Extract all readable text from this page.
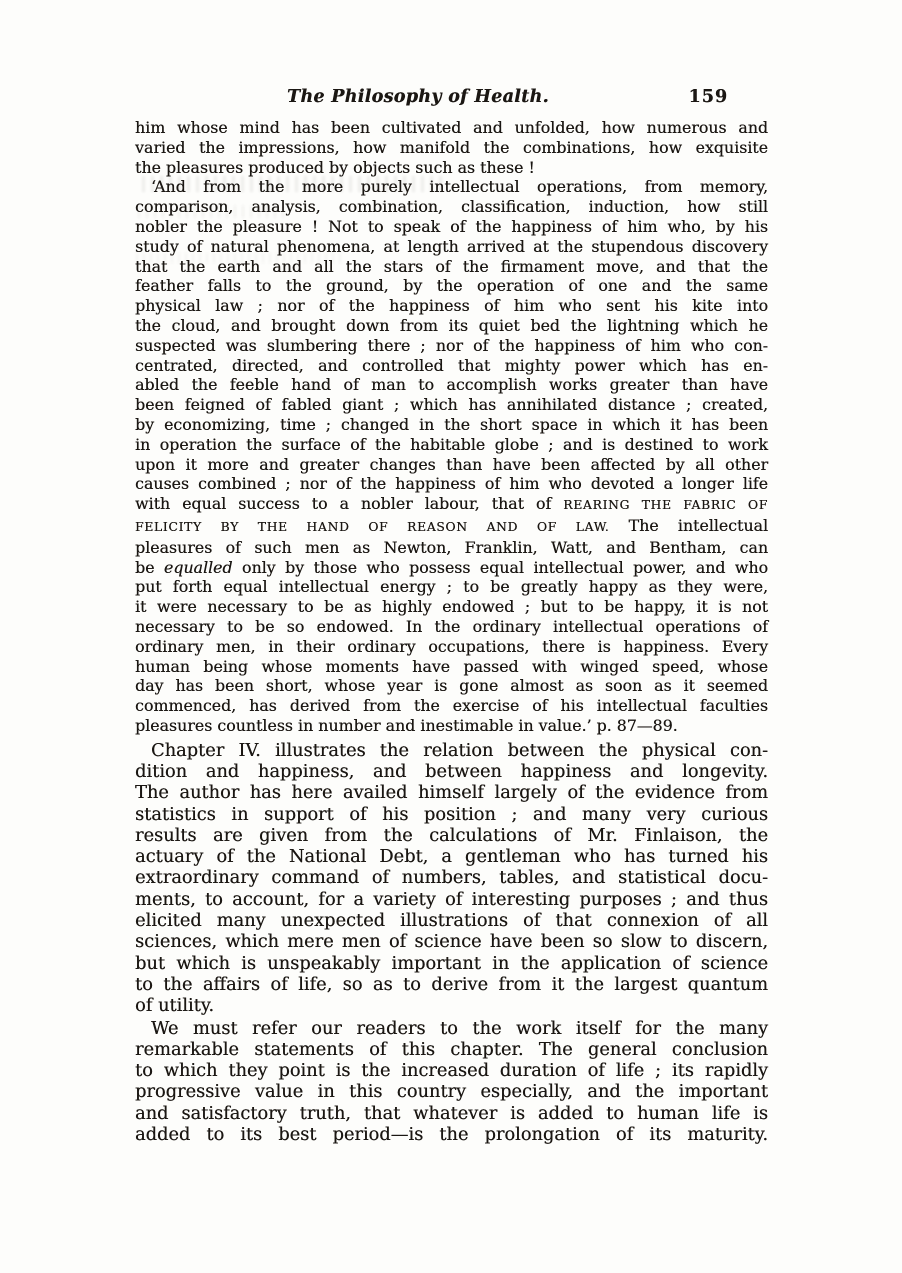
The Philosophy of Health.	159
him whose mind has been cultivated and unfolded, how numerous and
varied the impressions, how manifold the combinations, how exquisite
the pleasures produced by objects such as these !
‘And from the more purely intellectual operations, from memory,
comparison, analysis, combination, classification, induction, how still
nobler the pleasure ! Not to speak of the happiness of him who, by his
study of natural phenomena, at length arrived at the stupendous discovery
that the earth and all the stars of the firmament move, and that the
feather falls to the ground, by the operation of one and the same
physical law ; nor of the happiness of him who sent his kite into
the cloud, and brought down from its quiet bed the lightning which he
suspected was slumbering there ; nor of the happiness of him who con-
centrated, directed, and controlled that mighty power which has en-
abled the feeble hand of man to accomplish works greater than have
been feigned of fabled giant ; which has annihilated distance ; created,
by economizing, time ; changed in the short space in which it has been
in operation the surface of the habitable globe ; and is destined to work
upon it more and greater changes than have been affected by all other
causes combined ; nor of the happiness of him who devoted a longer life
with equal success to a nobler labour, that of REARING THE FABRIC OF
FELICITY BY THE HAND OF REASON AND OF LAW. The intellectual
pleasures of such men as Newton, Franklin, Watt, and Bentham, can
be equalled only by those who possess equal intellectual power, and who
put forth equal intellectual energy ; to be greatly happy as they were,
it were necessary to be as highly endowed ; but to be happy, it is not
necessary to be so endowed. In the ordinary intellectual operations of
ordinary men, in their ordinary occupations, there is happiness. Every
human being whose moments have passed with winged speed, whose
day has been short, whose year is gone almost as soon as it seemed
commenced, has derived from the exercise of his intellectual faculties
pleasures countless in number and inestimable in value.’ p. 87—89.
Chapter IV. illustrates the relation between the physical con-
dition and happiness, and between happiness and longevity.
The author has here availed himself largely of the evidence from
statistics in support of his position ; and many very curious
results are given from the calculations of Mr. Finlaison, the
actuary of the National Debt, a gentleman who has turned his
extraordinary command of numbers, tables, and statistical docu-
ments, to account, for a variety of interesting purposes ; and thus
elicited many unexpected illustrations of that connexion of all
sciences, which mere men of science have been so slow to discern,
but which is unspeakably important in the application of science
to the affairs of life, so as to derive from it the largest quantum
of utility.
We must refer our readers to the work itself for the many
remarkable statements of this chapter. The general conclusion
to which they point is the increased duration of life ; its rapidly
progressive value in this country especially, and the important
and satisfactory truth, that whatever is added to human life is
added to its best period—is the prolongation of its maturity.
